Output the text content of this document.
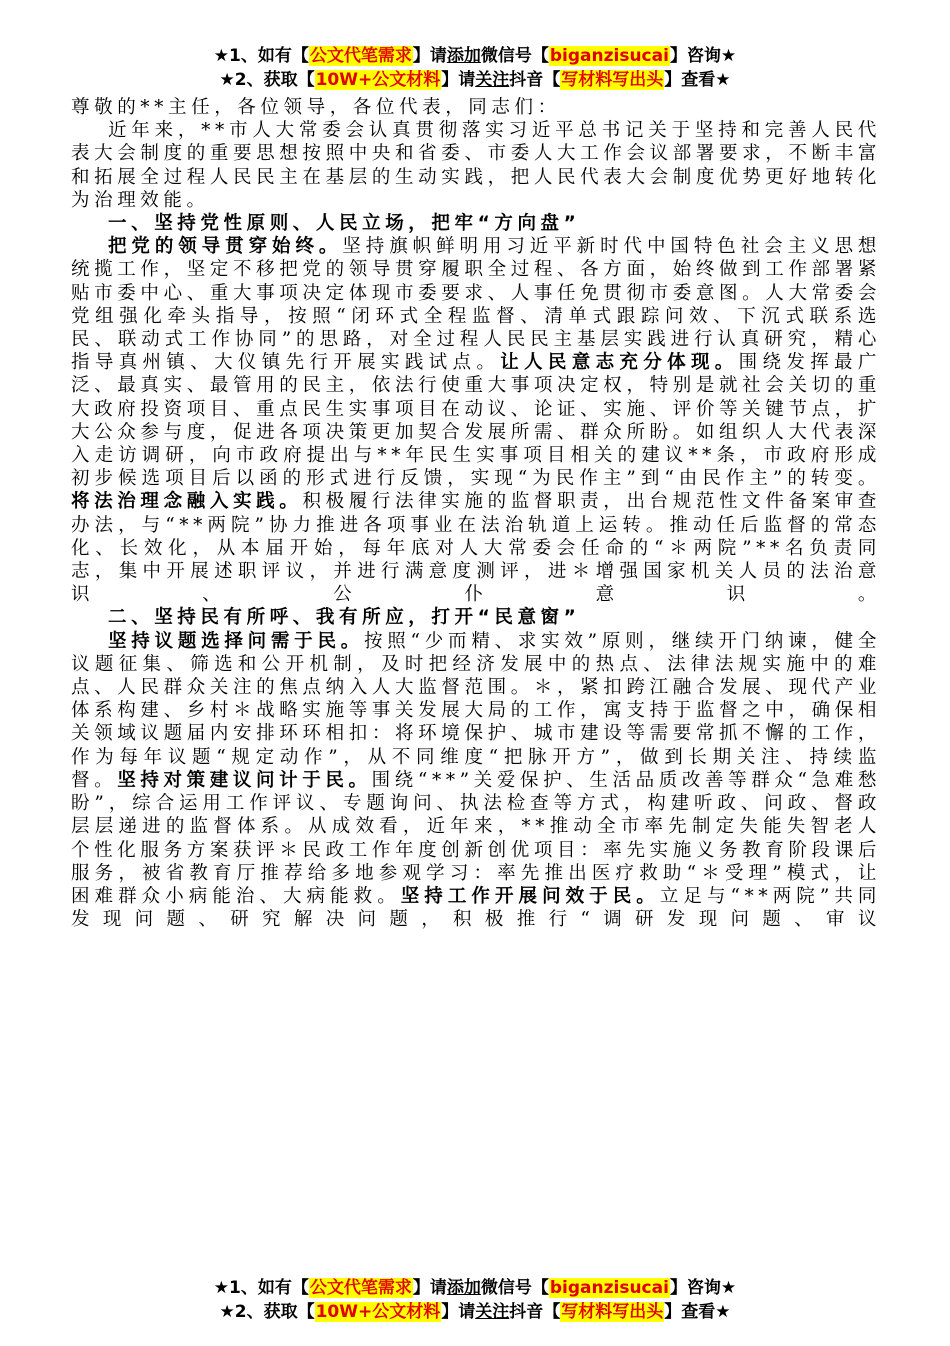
★1、如有【公文代笔需求】请添加微信号【biganzisucai】咨询★
★2、获取【10W+公文材料】请关注抖音【写材料写出头】查看★

尊敬的**主任，各位领导，各位代表，同志们：

近年来，**市人大常委会认真贯彻落实习近平总书记关于坚持和完善人民代表大会制度的重要思想按照中央和省委、市委人大工作会议部署要求，不断丰富和拓展全过程人民民主在基层的生动实践，把人民代表大会制度优势更好地转化为治理效能。

一、坚持党性原则、人民立场，把牢“方向盘”

把党的领导贯穿始终。坚持旗帜鲜明用习近平新时代中国特色社会主义思想统揽工作，坚定不移把党的领导贯穿履职全过程、各方面，始终做到工作部署紧贴市委中心、重大事项决定体现市委要求、人事任免贯彻市委意图。人大常委会党组强化牵头指导，按照“闭环式全程监督、清单式跟踪问效、下沉式联系选民、联动式工作协同”的思路，对全过程人民民主基层实践进行认真研究，精心指导真州镇、大仪镇先行开展实践试点。让人民意志充分体现。围绕发挥最广泛、最真实、最管用的民主，依法行使重大事项决定权，特别是就社会关切的重大政府投资项目、重点民生实事项目在动议、论证、实施、评价等关键节点，扩大公众参与度，促进各项决策更加契合发展所需、群众所盼。如组织人大代表深入走访调研，向市政府提出与**年民生实事项目相关的建议**条，市政府形成初步候选项目后以函的形式进行反馈，实现“为民作主”到“由民作主”的转变。将法治理念融入实践。积极履行法律实施的监督职责，出台规范性文件备案审查办法，与“**两院”协力推进各项事业在法治轨道上运转。推动任后监督的常态化、长效化，从本届开始，每年底对人大常委会任命的“＊两院”**名负责同志，集中开展述职评议，并进行满意度测评，进＊增强国家机关人员的法治意识、公仆意识。

二、坚持民有所呼、我有所应，打开“民意窗”

坚持议题选择问需于民。按照“少而精、求实效”原则，继续开门纳谏，健全议题征集、筛选和公开机制，及时把经济发展中的热点、法律法规实施中的难点、人民群众关注的焦点纳入人大监督范围。＊，紧扣跨江融合发展、现代产业体系构建、乡村＊战略实施等事关发展大局的工作，寓支持于监督之中，确保相关领域议题届内安排环环相扣：将环境保护、城市建设等需要常抓不懈的工作，作为每年议题“规定动作”，从不同维度“把脉开方”，做到长期关注、持续监督。坚持对策建议问计于民。围绕“**”关爱保护、生活品质改善等群众“急难愁盼”，综合运用工作评议、专题询问、执法检查等方式，构建听政、问政、督政层层递进的监督体系。从成效看，近年来，**推动全市率先制定失能失智老人个性化服务方案获评＊民政工作年度创新创优项目：率先实施义务教育阶段课后服务，被省教育厅推荐给多地参观学习：率先推出医疗救助“＊受理”模式，让困难群众小病能治、大病能救。坚持工作开展问效于民。立足与“**两院”共同发现问题、研究解决问题，积极推行“调研发现问题、审议

★1、如有【公文代笔需求】请添加微信号【biganzisucai】咨询★
★2、获取【10W+公文材料】请关注抖音【写材料写出头】查看★
